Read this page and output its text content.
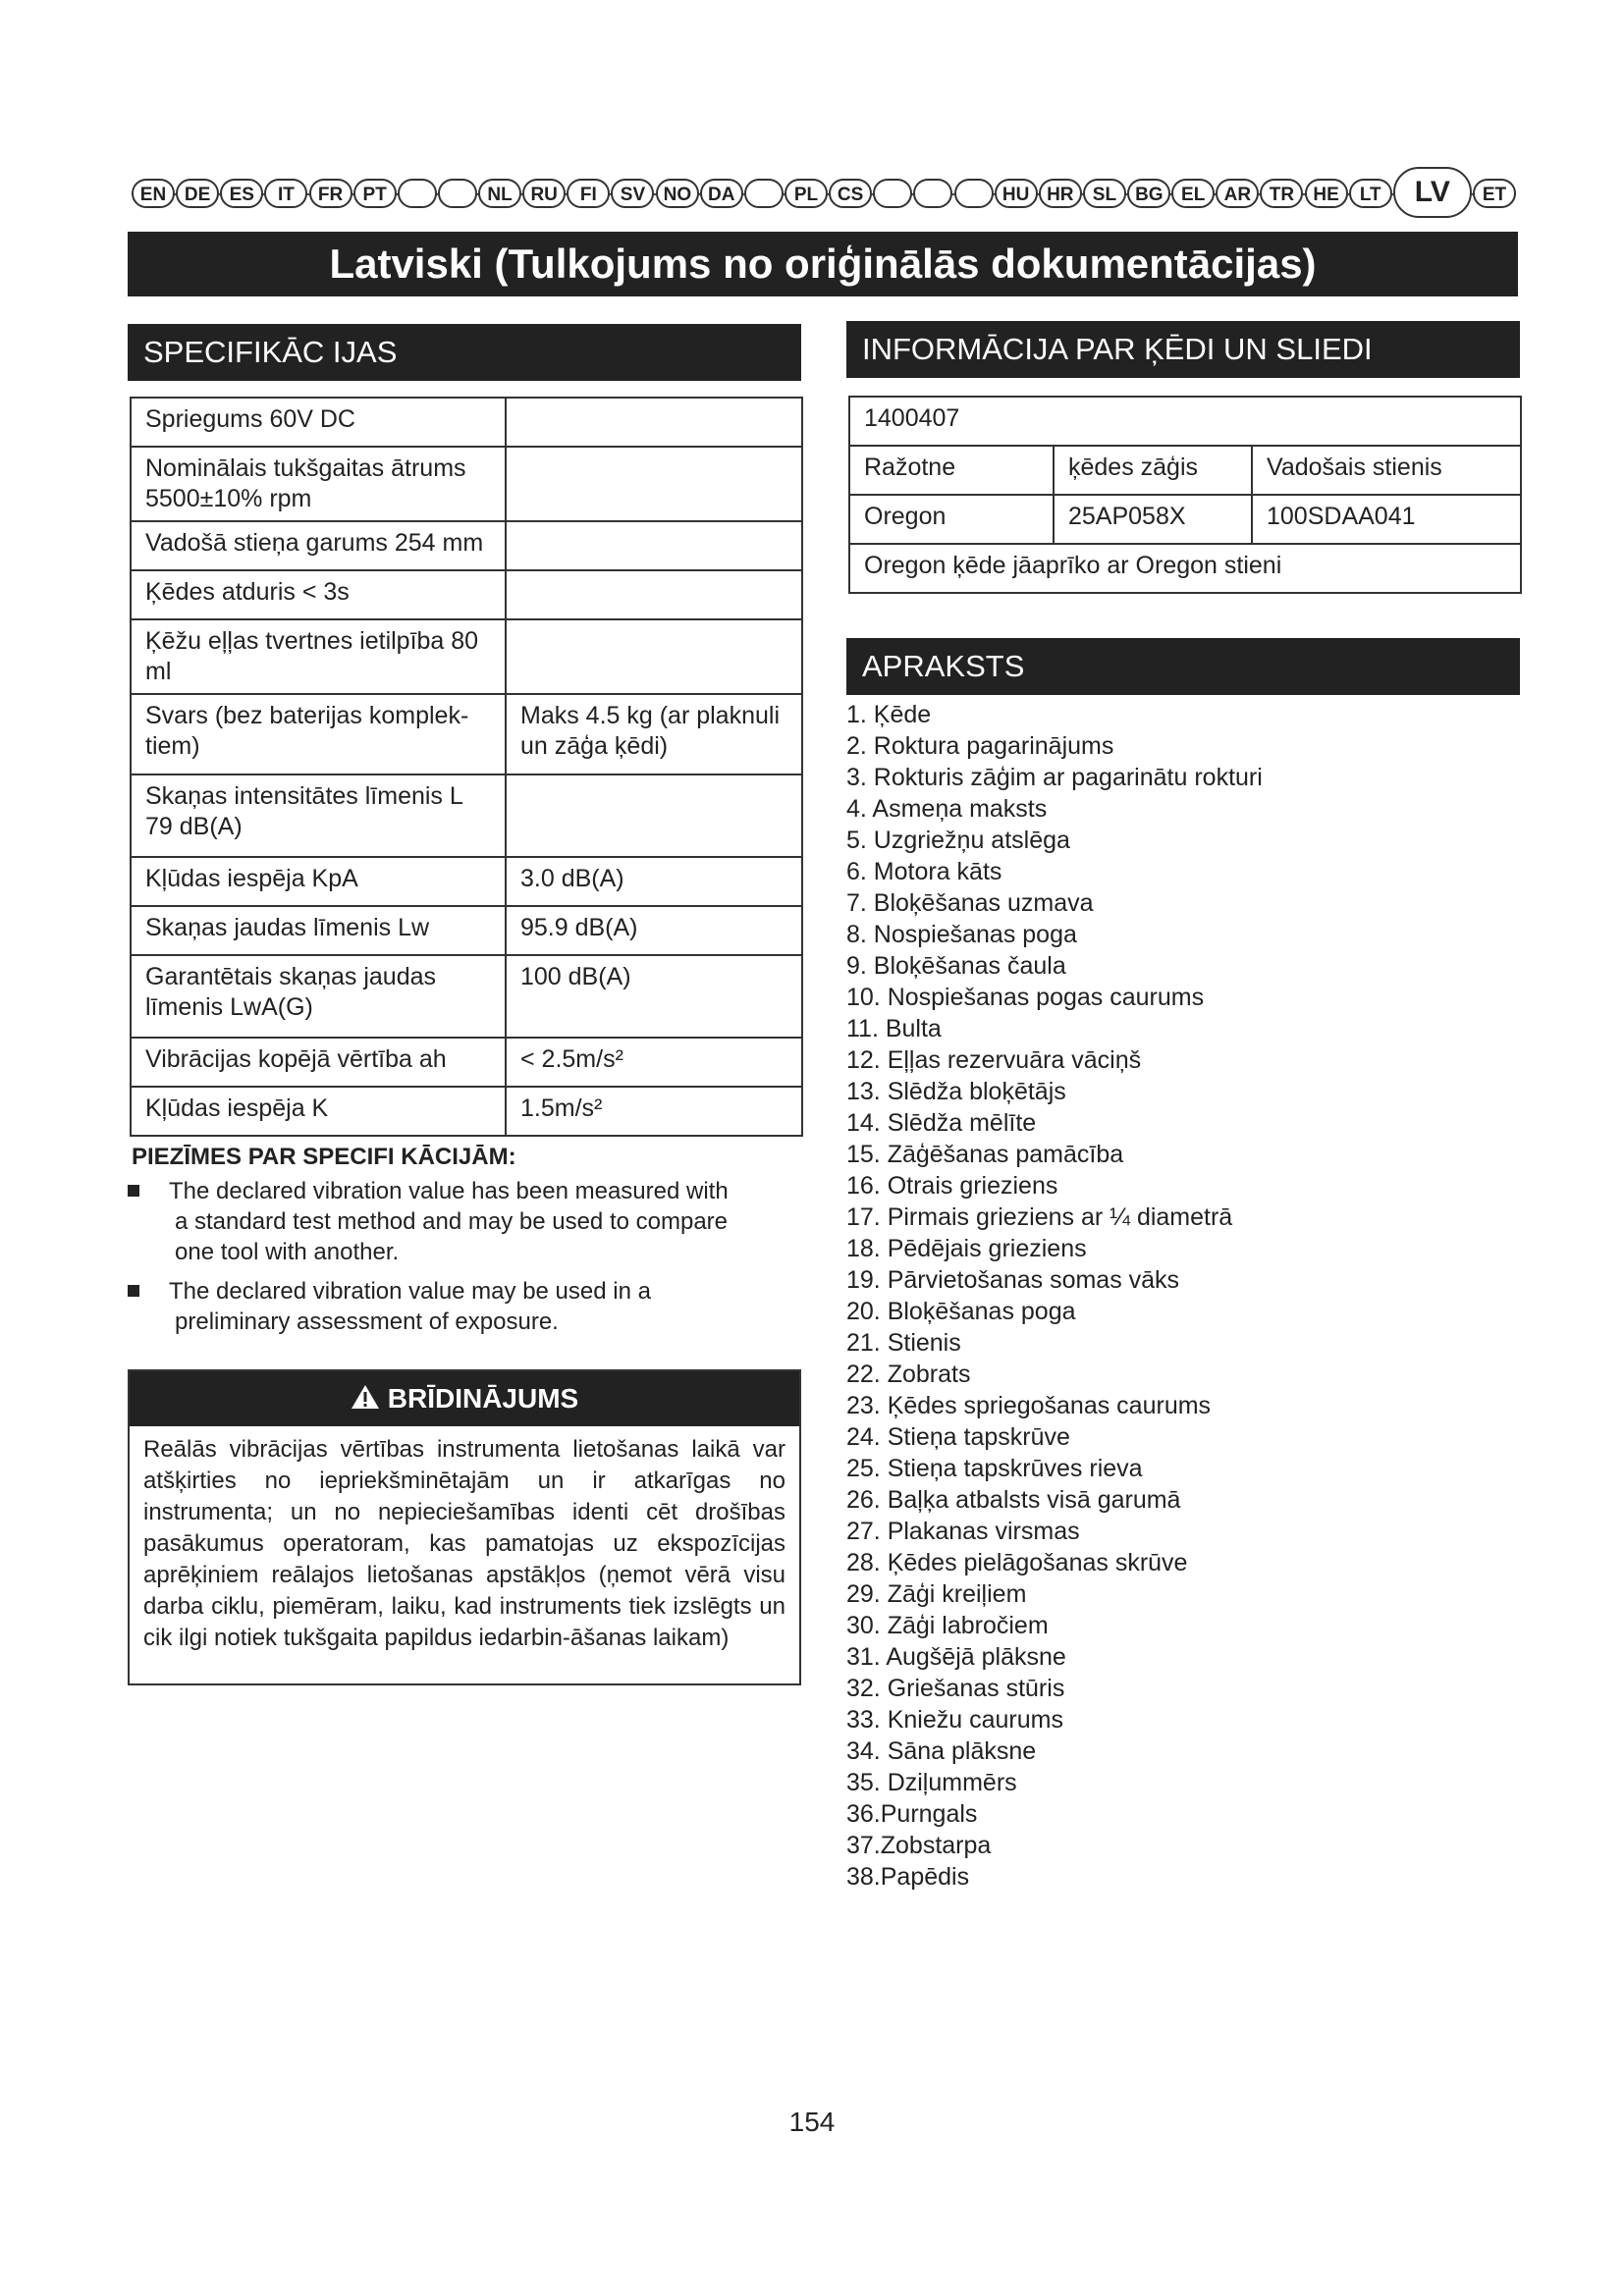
EN DE	ES	IT	FR	PT	NL RU	FI	SV NO DA	PL	CS	HU HR	SL	BG EL	AR TR	HE	LT	LV	ET
Latviski (Tulkojums no oriģinālās dokumentācijas)
SPECIFIKĀC IJAS
Spriegums 60V DC	
Nominālais tukšgaitas ātrums 5500±10% rpm	
Vadošā stieņa garums 254 mm	
Ķēdes atduris < 3s	
Ķēžu eļļas tvertnes ietilpība 80 ml	
Svars (bez baterijas komplek-tiem)	Maks 4.5 kg (ar plaknuli un zāģa ķēdi)
Skaņas intensitātes līmenis L 79 dB(A)	
Kļūdas iespēja KpA	3.0 dB(A)
Skaņas jaudas līmenis Lw	95.9 dB(A)
Garantētais skaņas jaudas līmenis LwA(G)	100 dB(A)
Vibrācijas kopējā vērtība ah	< 2.5m/s²
Kļūdas iespēja K	1.5m/s²
PIEZĪMES PAR SPECIFI KĀCIJĀM:
The declared vibration value has been measured with
a standard test method and may be used to compare
one tool with another.
The declared vibration value may be used in a
preliminary assessment of exposure.
BRĪDINĀJUMS
Reālās vibrācijas vērtības instrumenta lietošanas laikā var atšķirties no iepriekšminētajām un ir atkarīgas no instrumenta; un no nepieciešamības identi cēt drošības pasākumus operatoram, kas pamatojas uz ekspozīcijas aprēķiniem reālajos lietošanas apstākļos (ņemot vērā visu darba ciklu, piemēram, laiku, kad instruments tiek izslēgts un cik ilgi notiek tukšgaita papildus iedarbin-āšanas laikam)
INFORMĀCIJA PAR ĶĒDI UN SLIEDI
1400407		
Ražotne	ķēdes zāģis	Vadošais stienis
Oregon	25AP058X	100SDAA041
Oregon ķēde jāaprīko ar Oregon stieni		
APRAKSTS
1. Ķēde
2. Roktura pagarinājums
3. Rokturis zāģim ar pagarinātu rokturi
4. Asmeņa maksts
5. Uzgriežņu atslēga
6. Motora kāts
7. Bloķēšanas uzmava
8. Nospiešanas poga
9. Bloķēšanas čaula
10. Nospiešanas pogas caurums
11. Bulta
12. Eļļas rezervuāra vāciņš
13. Slēdža bloķētājs
14. Slēdža mēlīte
15. Zāģēšanas pamācība
16. Otrais grieziens
17. Pirmais grieziens ar ¼ diametrā
18. Pēdējais grieziens
19. Pārvietošanas somas vāks
20. Bloķēšanas poga
21. Stienis
22. Zobrats
23. Ķēdes spriegošanas caurums
24. Stieņa tapskrūve
25. Stieņa tapskrūves rieva
26. Baļķa atbalsts visā garumā
27. Plakanas virsmas
28. Ķēdes pielāgošanas skrūve
29. Zāģi kreiļiem
30. Zāģi labročiem
31. Augšējā plāksne
32. Griešanas stūris
33. Kniežu caurums
34. Sāna plāksne
35. Dziļummērs
36.Purngals
37.Zobstarpa
38.Papēdis
154
